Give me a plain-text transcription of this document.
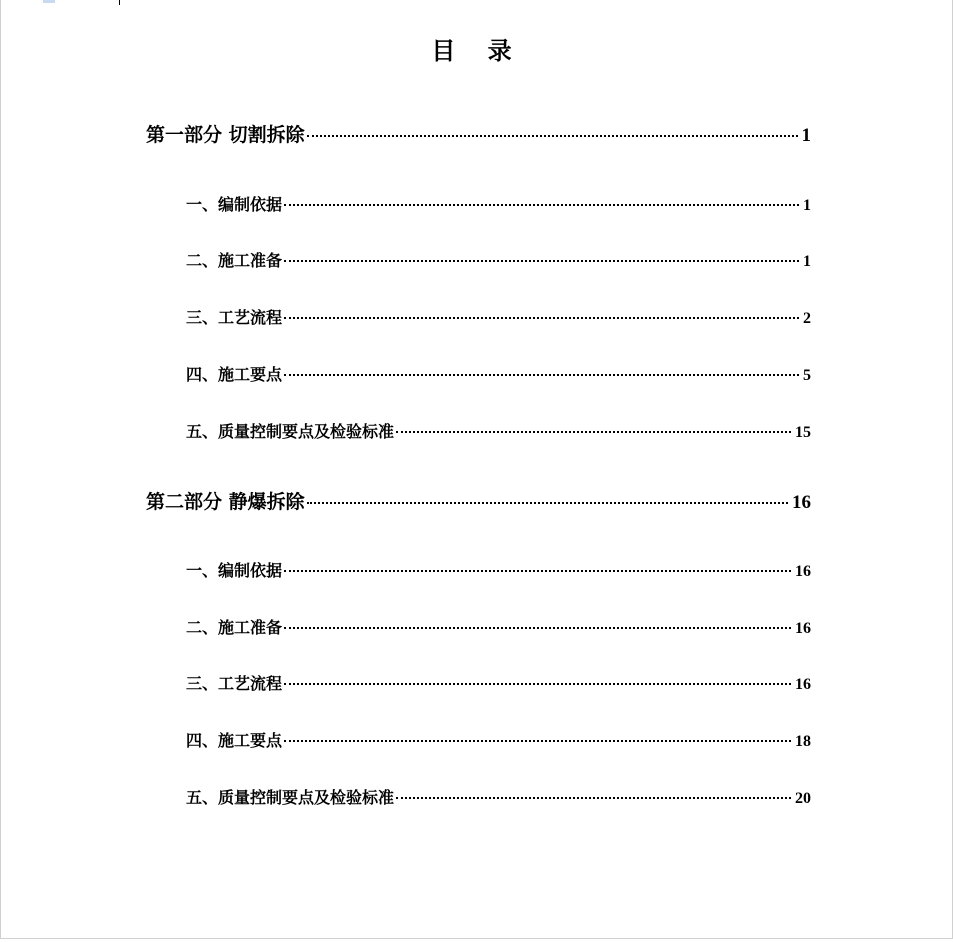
目 录
第一部分 切割拆除	1
一、编制依据	1
二、施工准备	1
三、工艺流程	2
四、施工要点	5
五、质量控制要点及检验标准	15
第二部分 静爆拆除	16
一、编制依据	16
二、施工准备	16
三、工艺流程	16
四、施工要点	18
五、质量控制要点及检验标准	20
